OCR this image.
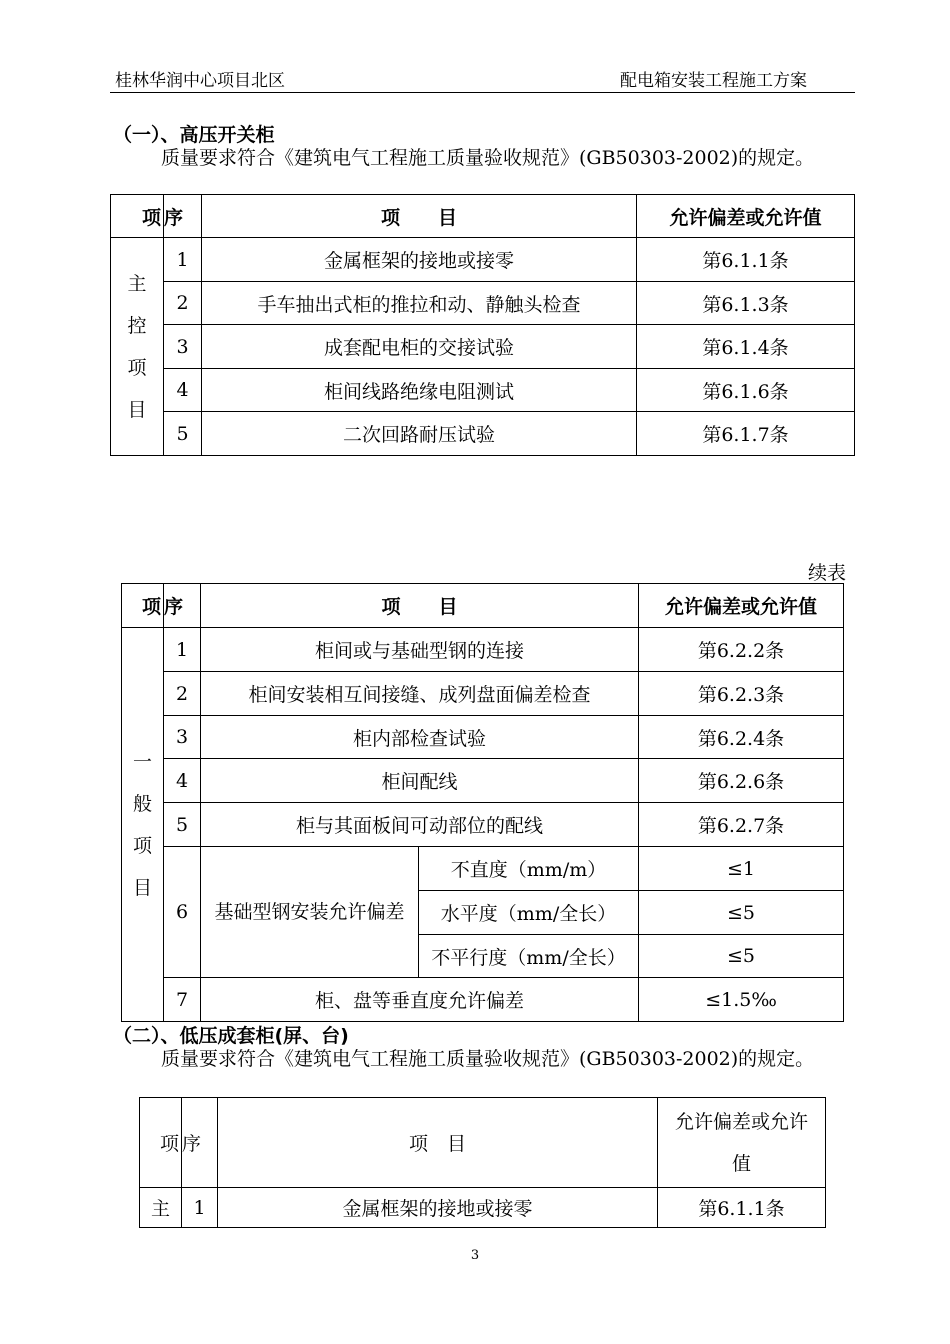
桂林华润中心项目北区	配电箱安装工程施工方案
（一）、高压开关柜
质量要求符合《建筑电气工程施工质量验收规范》(GB50303-2002)的规定。
项	序	项　　目	允许偏差或允许值

主控项目	1	金属框架的接地或接零	第6.1.1条
	2	手车抽出式柜的推拉和动、静触头检查	第6.1.3条
	3	成套配电柜的交接试验	第6.1.4条
	4	柜间线路绝缘电阻测试	第6.1.6条
	5	二次回路耐压试验	第6.1.7条
续表
项	序	项　　目		允许偏差或允许值

一般项目	1	柜间或与基础型钢的连接		第6.2.2条
	2	柜间安装相互间接缝、成列盘面偏差检查		第6.2.3条
	3	柜内部检查试验		第6.2.4条
	4	柜间配线		第6.2.6条
	5	柜与其面板间可动部位的配线		第6.2.7条
	6	基础型钢安装允许偏差	不直度（mm/m）	≤1
			水平度（mm/全长）	≤5
			不平行度（mm/全长）	≤5
	7	柜、盘等垂直度允许偏差		≤1.5‰
（二）、低压成套柜(屏、台)
质量要求符合《建筑电气工程施工质量验收规范》(GB50303-2002)的规定。
项	序	项　目	允许偏差或允许值
主	1	金属框架的接地或接零	第6.1.1条
3
